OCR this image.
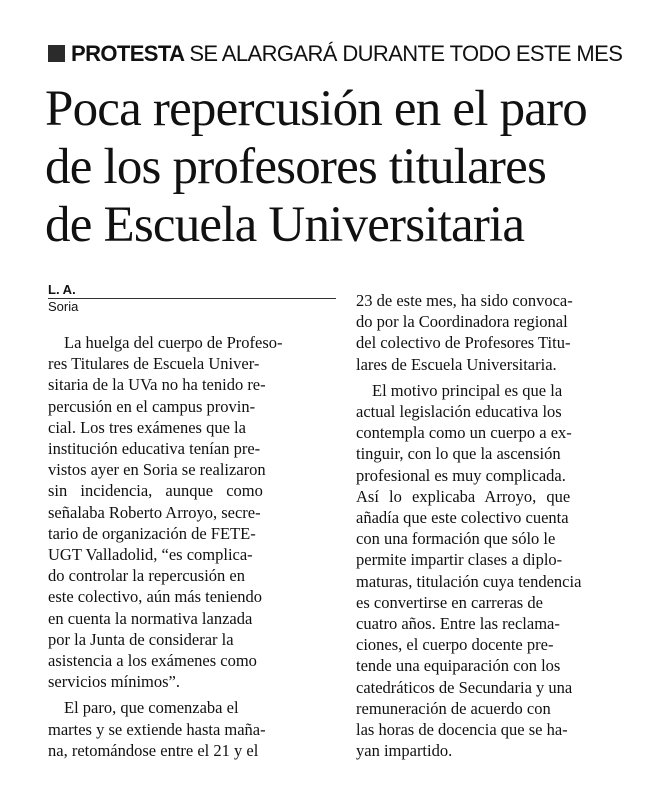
PROTESTA SE ALARGARÁ DURANTE TODO ESTE MES
Poca repercusión en el paro
de los profesores titulares
de Escuela Universitaria
L. A.
Soria
La huelga del cuerpo de Profeso-
res Titulares de Escuela Univer-
sitaria de la UVa no ha tenido re-
percusión en el campus provin-
cial. Los tres exámenes que la
institución educativa tenían pre-
vistos ayer en Soria se realizaron
sin incidencia, aunque como
señalaba Roberto Arroyo, secre-
tario de organización de FETE-
UGT Valladolid, “es complica-
do controlar la repercusión en
este colectivo, aún más teniendo
en cuenta la normativa lanzada
por la Junta de considerar la
asistencia a los exámenes como
servicios mínimos”.
El paro, que comenzaba el
martes y se extiende hasta maña-
na, retomándose entre el 21 y el
23 de este mes, ha sido convoca-
do por la Coordinadora regional
del colectivo de Profesores Titu-
lares de Escuela Universitaria.
El motivo principal es que la
actual legislación educativa los
contempla como un cuerpo a ex-
tinguir, con lo que la ascensión
profesional es muy complicada.
Así lo explicaba Arroyo, que
añadía que este colectivo cuenta
con una formación que sólo le
permite impartir clases a diplo-
maturas, titulación cuya tendencia
es convertirse en carreras de
cuatro años. Entre las reclama-
ciones, el cuerpo docente pre-
tende una equiparación con los
catedráticos de Secundaria y una
remuneración de acuerdo con
las horas de docencia que se ha-
yan impartido.
